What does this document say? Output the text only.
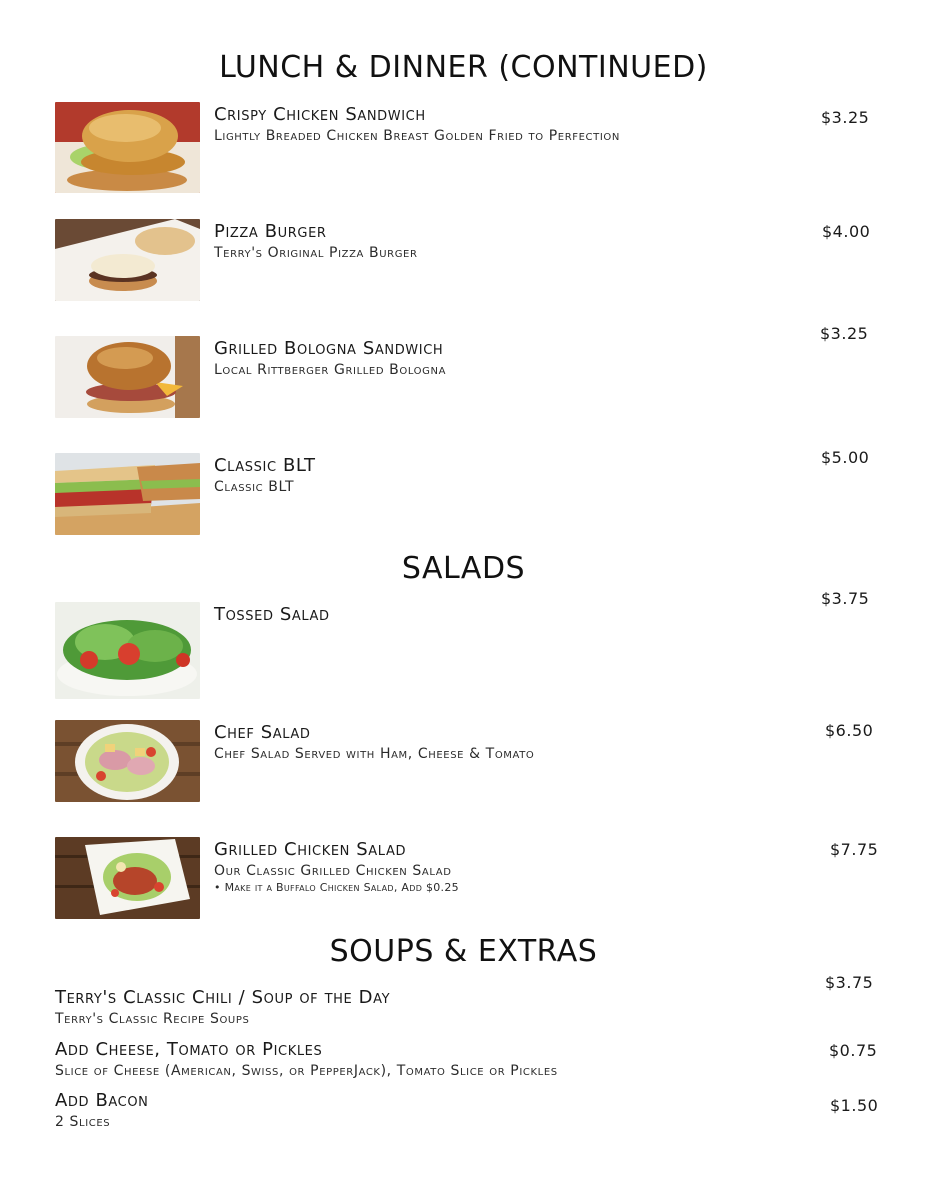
LUNCH & DINNER (CONTINUED)
Crispy Chicken Sandwich
Lightly Breaded Chicken Breast Golden Fried to Perfection
$3.25
Pizza Burger
Terry's Original Pizza Burger
$4.00
Grilled Bologna Sandwich
Local Rittberger Grilled Bologna
$3.25
Classic BLT
Classic BLT
$5.00
SALADS
Tossed Salad
$3.75
Chef Salad
Chef Salad Served with Ham, Cheese & Tomato
$6.50
Grilled Chicken Salad
Our Classic Grilled Chicken Salad
• Make it a Buffalo Chicken Salad, Add $0.25
$7.75
SOUPS & EXTRAS
Terry's Classic Chili / Soup of the Day
Terry's Classic Recipe Soups
$3.75
Add Cheese, Tomato or Pickles
Slice of Cheese (American, Swiss, or PepperJack), Tomato Slice or Pickles
$0.75
Add Bacon
2 Slices
$1.50
